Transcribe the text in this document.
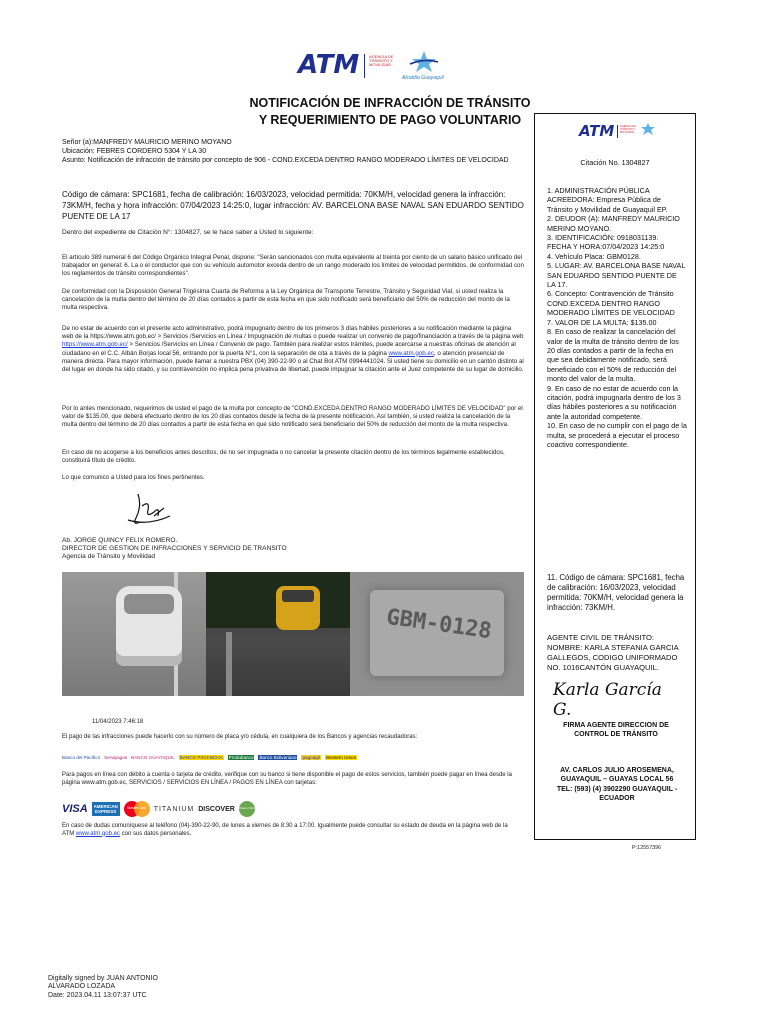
ATM AGENCIA DE
TRÁNSITO Y
MOVILIDAD
Alcaldía Guayaquil
NOTIFICACIÓN DE INFRACCIÓN DE TRÁNSITO
Y REQUERIMIENTO DE PAGO VOLUNTARIO
Señor (a):MANFREDY MAURICIO MERINO MOYANO
Ubicación: FEBRES CORDERO 5304 Y LA 30
Asunto: Notificación de infracción de tránsito por concepto de 906 - COND.EXCEDA DENTRO RANGO MODERADO LÍMITES DE VELOCIDAD
Código de cámara: SPC1681, fecha de calibración: 16/03/2023, velocidad permitida: 70KM/H, velocidad genera la infracción: 73KM/H, fecha y hora infracción: 07/04/2023 14:25:0, lugar infracción: AV. BARCELONA BASE NAVAL SAN EDUARDO SENTIDO PUENTE DE LA 17
Dentro del expediente de Citación N°: 1304827, se le hace saber a Usted lo siguiente:
El artículo 389 numeral 6 del Código Orgánico Integral Penal, dispone: "Serán sancionados con multa equivalente al treinta por ciento de un salario básico unificado del trabajador en general: 6. La o el conductor que con su vehículo automotor exceda dentro de un rango moderado los límites de velocidad permitidos, de conformidad con los reglamentos de tránsito correspondientes".
De conformidad con la Disposición General Trigésima Cuarta de Reforma a la Ley Orgánica de Transporte Terrestre, Tránsito y Seguridad Vial, si usted realiza la cancelación de la multa dentro del término de 20 días contados a partir de esta fecha en que sido notificado será beneficiario del 50% de reducción del monto de la multa respectiva.
De no estar de acuerdo con el presente acto administrativo, podrá impugnarlo dentro de los primeros 3 días hábiles posteriores a su notificación mediante la página web de la https://www.atm.gob.ec/ > Servicios /Servicios en Línea / Impugnación de multas o puede realizar un convenio de pago/financiación a través de la página web https://www.atm.gob.ec/ > Servicios /Servicios en Línea / Convenio de pago. También para realizar estos trámites, puede acercarse a nuestras oficinas de atención al ciudadano en el C.C. Albán Borjas local 56, entrando por la puerta N°1, con la separación de cita a través de la página www.atm.gob.ec, o atención presencial de manera directa. Para mayor información, puede llamar a nuestra PBX (04) 390-22-90 o al Chat Bot ATM 0994441024. Si usted tiene su domicilio en un cantón distinto al del lugar en donde ha sido citado, y su contravención no implica pena privativa de libertad, puede impugnar la citación ante el Juez competente de su lugar de domicilio.
Por lo antes mencionado, requerimos de usted el pago de la multa por concepto de "COND.EXCEDA DENTRO RANGO MODERADO LÍMITES DE VELOCIDAD" por el valor de $135.00, que deberá efectuarlo dentro de los 20 días contados desde la fecha de la presente notificación. Así también, si usted realiza la cancelación de la multa dentro del término de 20 días contados a partir de esta fecha en que sido notificado será beneficiario del 50% de reducción del monto de la multa respectiva.
En caso de no acogerse a los beneficios antes descritos, de no ser impugnada o no cancelar la presente citación dentro de los términos legalmente establecidos, constituirá título de crédito.
Lo que comunico a Usted para los fines pertinentes.
Ab. JORGE QUINCY FELIX ROMERO.
DIRECTOR DE GESTION DE INFRACCIONES Y SERVICIO DE TRANSITO
Agencia de Tránsito y Movilidad
GBM-0128
11/04/2023 7:46:18
El pago de las infracciones puede hacerlo con su número de placa y/o cédula, en cualquiera de los Bancos y agencias recaudadoras:
Banco del Pacífico Servipagos BANCO GUAYAQUIL BANCO PICHINCHA Produbanco Banco Bolivariano pagoágil Western Union
Para pagos en línea con débito a cuenta o tarjeta de crédito, verifique con su banco si tiene disponible el pago de estos servicios, también puede pagar en línea desde la página www.atm.gob.ec, SERVICIOS / SERVICIOS EN LÍNEA / PAGOS EN LÍNEA con tarjetas:
VISA	AMERICAN EXPRESS
MasterCard	TITANIUM DISCOVER Diners Club
En caso de dudas comuníquese al teléfono (04)-390-22-90, de lunes a viernes de 8:30 a 17:00. Igualmente puede consultar su estado de deuda en la página web de la ATM www.atm.gob.ec con sus datos personales.
ATM AGENCIA DE
TRÁNSITO Y
MOVILIDAD
Citación No. 1304827
1. ADMINISTRACIÓN PÚBLICA ACREEDORA: Empresa Pública de Tránsito y Movilidad de Guayaquil EP.
2. DEUDOR (A): MANFREDY MAURICIO MERINO MOYANO.
3. IDENTIFICACIÓN: 0918031139.
FECHA Y HORA:07/04/2023 14:25:0
4. Vehículo Placa: GBM0128.
5. LUGAR: AV. BARCELONA BASE NAVAL SAN EDUARDO SENTIDO PUENTE DE LA 17.
6. Concepto: Contravención de Tránsito COND.EXCEDA DENTRO RANGO MODERADO LÍMITES DE VELOCIDAD
7. VALOR DE LA MULTA: $135.00
8. En caso de realizar la cancelación del valor de la multa de tránsito dentro de los 20 días contados a partir de la fecha en que sea debidamente notificado, será beneficiado con el 50% de reducción del monto del valor de la multa.
9. En caso de no estar de acuerdo con la citación, podrá impugnarla dentro de los 3 días hábiles posteriores a su notificación ante la autoridad competente.
10. En caso de no cumplir con el pago de la multa, se procederá a ejecutar el proceso coactivo correspondiente.
11. Código de cámara: SPC1681, fecha de calibración: 16/03/2023, velocidad permitida: 70KM/H, velocidad genera la infracción: 73KM/H.
AGENTE CIVIL DE TRÁNSITO: NOMBRE: KARLA STEFANIA GARCIA GALLEGOS, CODIGO UNIFORMADO NO. 1016CANTÓN GUAYAQUIL.
Karla García G.
FIRMA AGENTE DIRECCION DE CONTROL DE TRÁNSITO
AV. CARLOS JULIO AROSEMENA, GUAYAQUIL – GUAYAS LOCAL 56 TEL: (593) (4) 3902290 GUAYAQUIL - ECUADOR
P:12557396
Digitally signed by JUAN ANTONIO
ALVARADO LOZADA
Date: 2023.04.11 13:07:37 UTC
